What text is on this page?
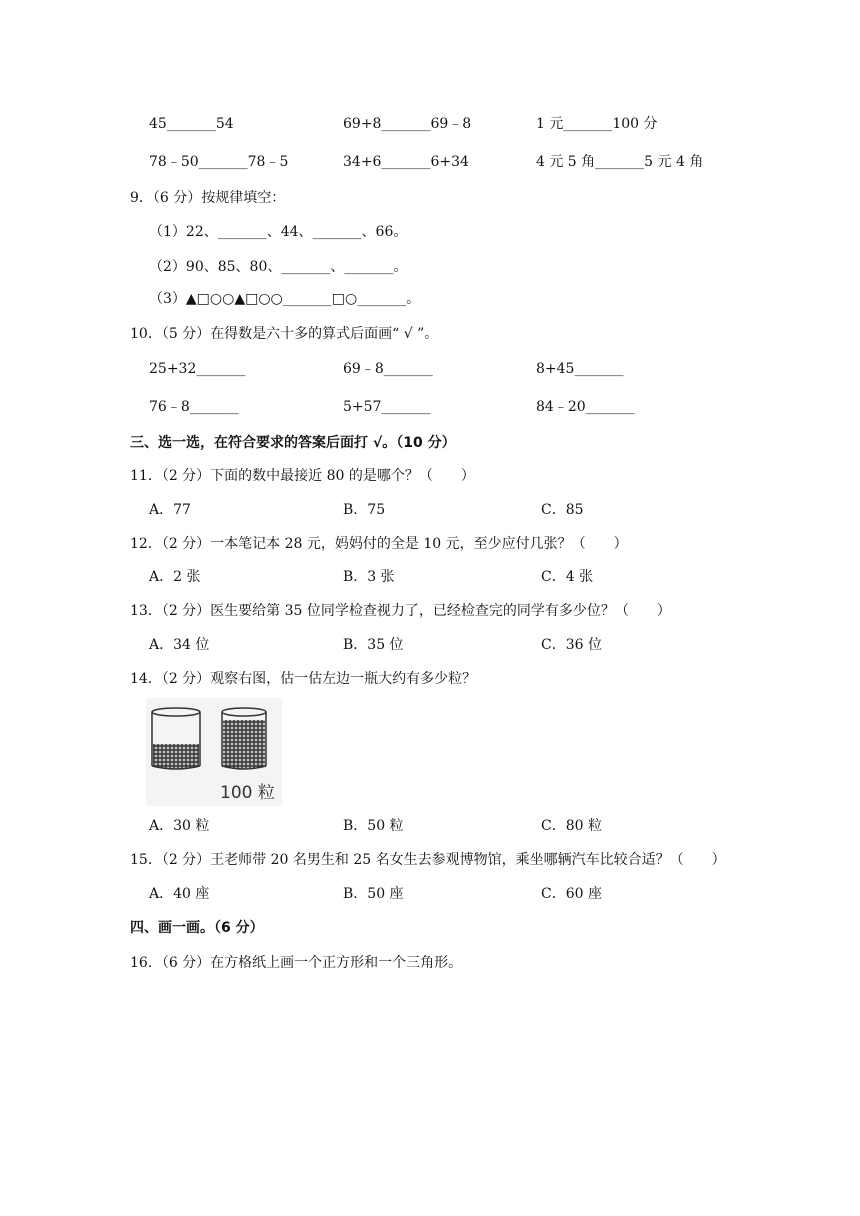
45_______54	69+8_______69﹣8	1 元_______100 分
78﹣50_______78﹣5	34+6_______6+34	4 元 5 角_______5 元 4 角
9．（6 分）按规律填空：
（1）22、_______、44、_______、66。
（2）90、85、80、_______、_______。
（3）▲□○○▲□○○_______□○_______。
10．（5 分）在得数是六十多的算式后面画“ √ ”。
25+32_______	69﹣8_______	8+45_______
76﹣8_______	5+57_______	84﹣20_______
三、选一选，在符合要求的答案后面打 √。（10 分）
11．（2 分）下面的数中最接近 80 的是哪个？（　　）
A．77	B．75	C．85
12．（2 分）一本笔记本 28 元，妈妈付的全是 10 元，至少应付几张？（　　）
A．2 张	B．3 张	C．4 张
13．（2 分）医生要给第 35 位同学检查视力了，已经检查完的同学有多少位？（　　）
A．34 位	B．35 位	C．36 位
14．（2 分）观察右图，估一估左边一瓶大约有多少粒？
100 粒
A．30 粒	B．50 粒	C．80 粒
15．（2 分）王老师带 20 名男生和 25 名女生去参观博物馆，乘坐哪辆汽车比较合适？（　　）
A．40 座	B．50 座	C．60 座
四、画一画。（6 分）
16．（6 分）在方格纸上画一个正方形和一个三角形。
